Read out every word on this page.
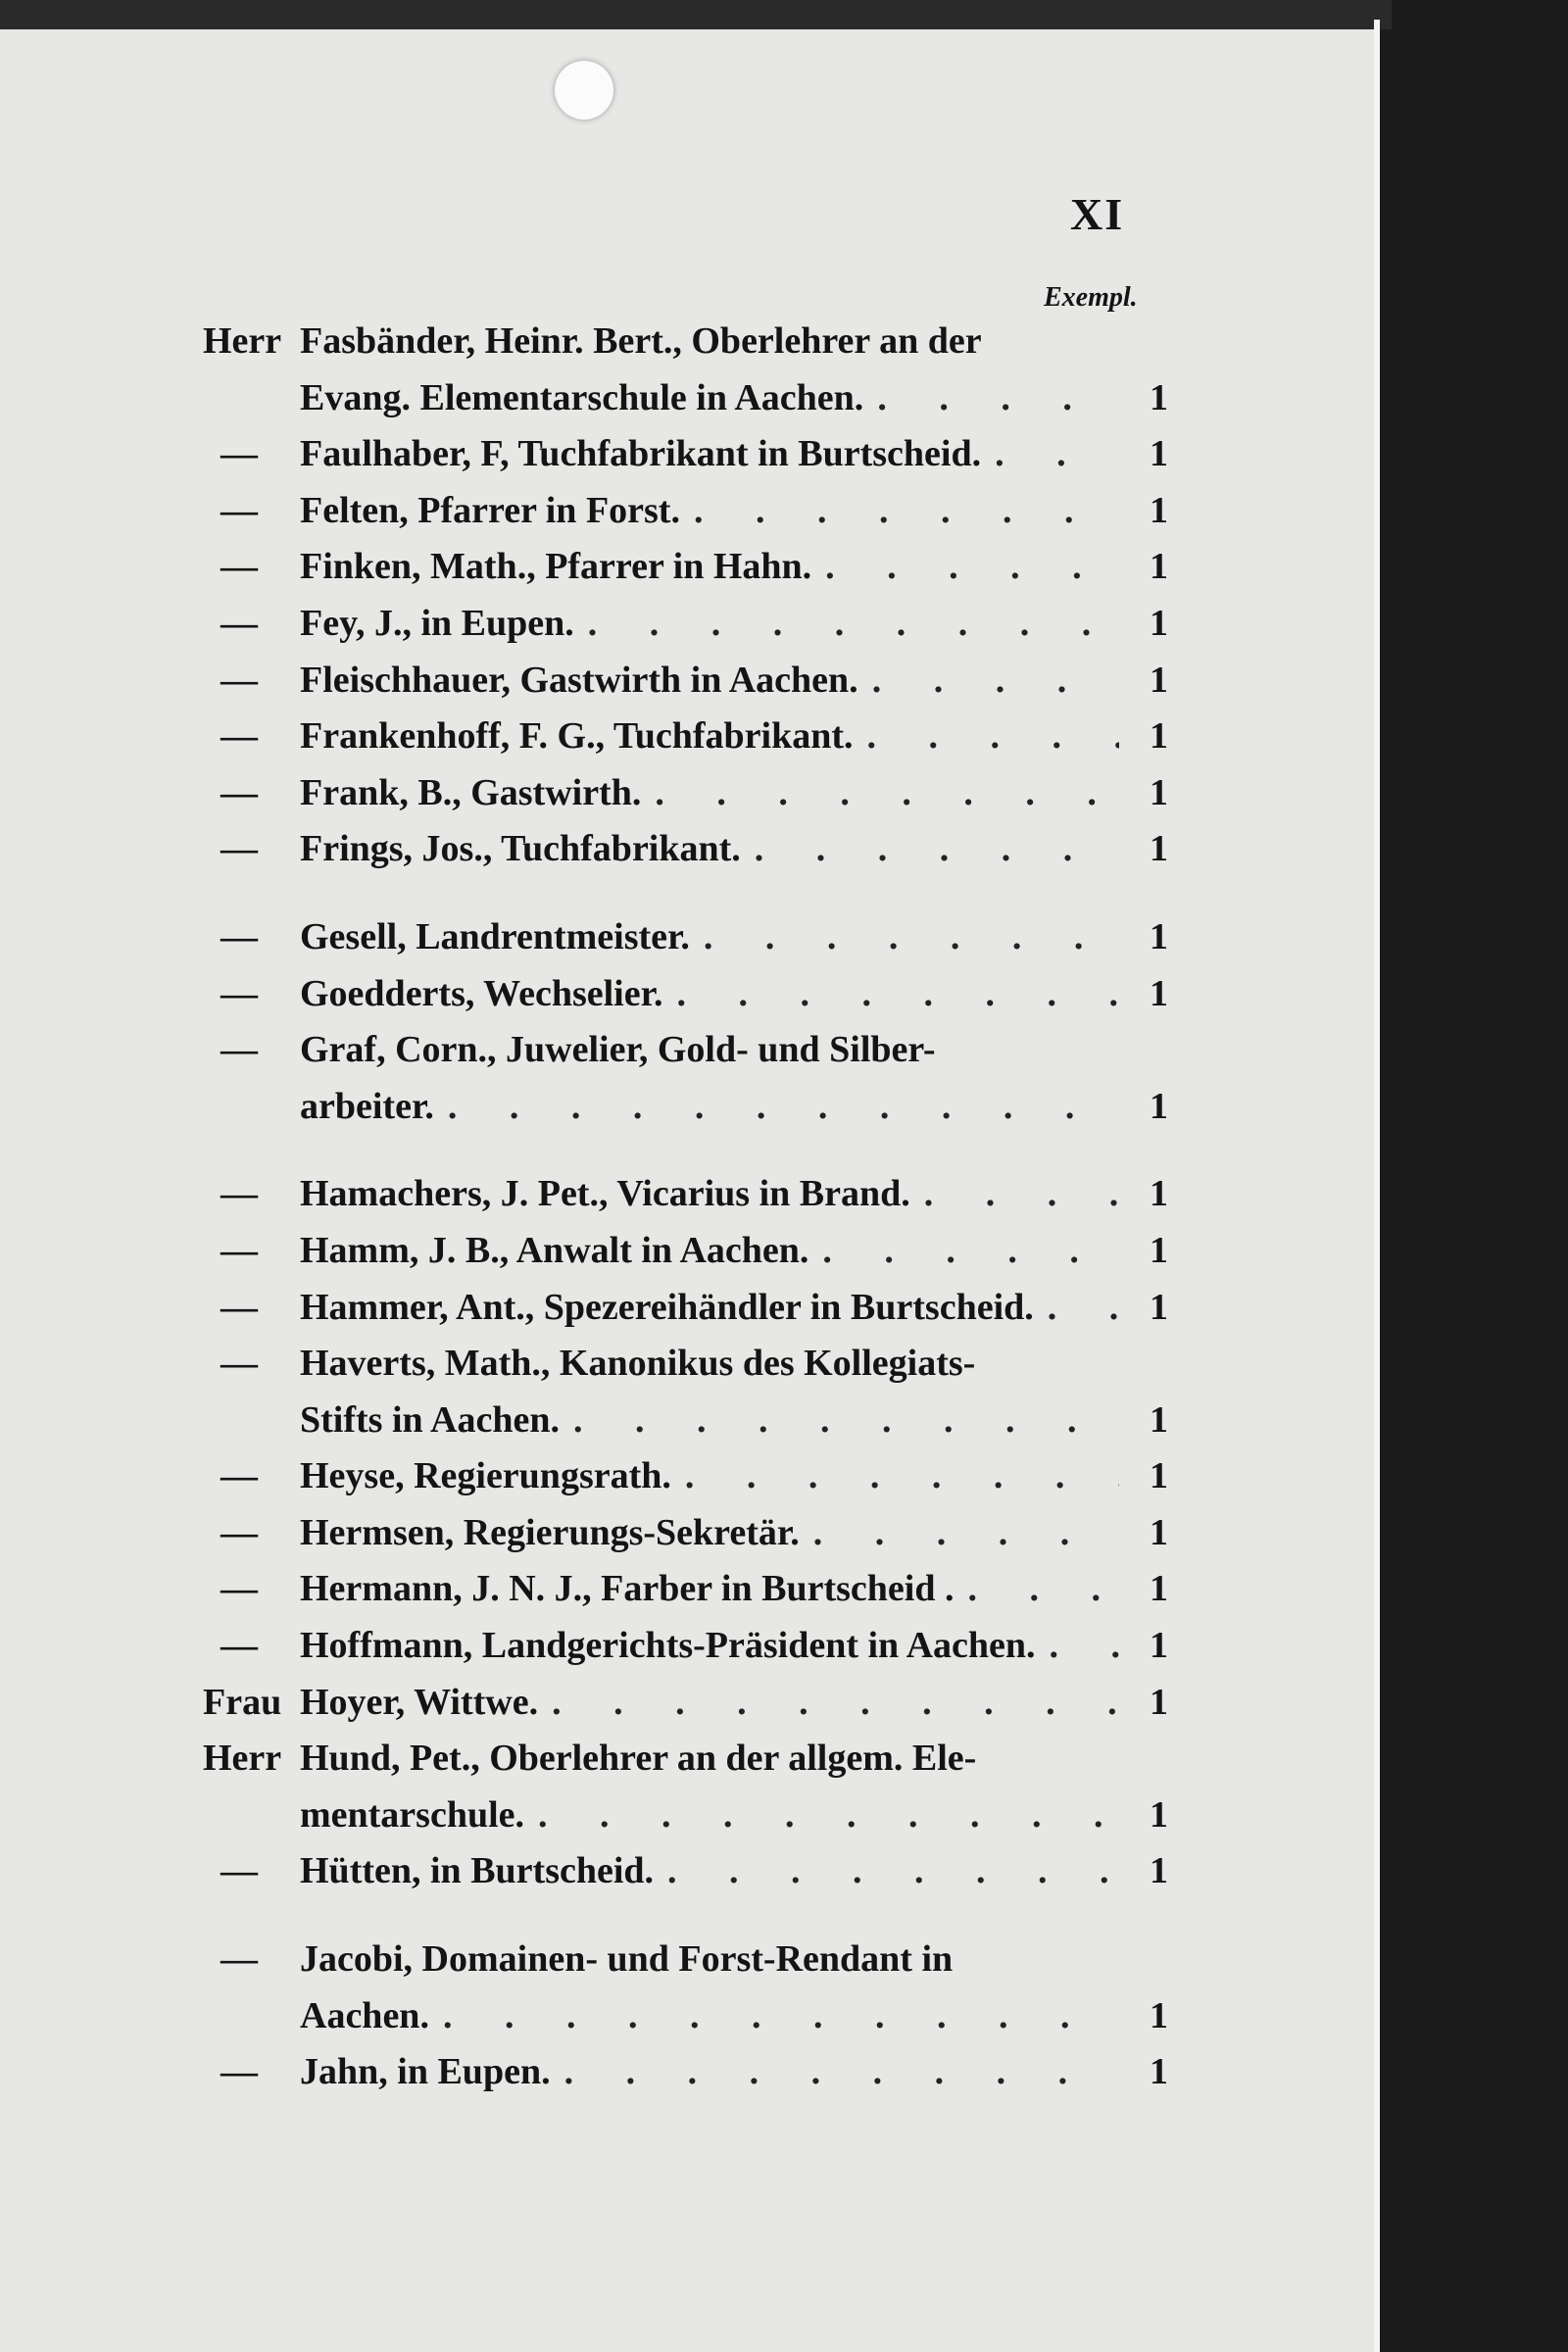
XI
Exempl.
Herr Fasbänder, Heinr. Bert., Oberlehrer an der
Evang. Elementarschule in Aachen. . . .	1
—	Faulhaber, F, Tuchfabrikant in Burtscheid. . . .	1
—	Felten, Pfarrer in Forst. . . .	1
—	Finken, Math., Pfarrer in Hahn. . . .	1
—	Fey, J., in Eupen. . . .	1
—	Fleischhauer, Gastwirth in Aachen. . . .	1
—	Frankenhoff, F. G., Tuchfabrikant. . . .	1
—	Frank, B., Gastwirth. . . .	1
—	Frings, Jos., Tuchfabrikant. . . .	1
—	Gesell, Landrentmeister. . . .	1
—	Goedderts, Wechselier. . . .	1
—	Graf, Corn., Juwelier, Gold- und Silber-
arbeiter. . . .	1
—	Hamachers, J. Pet., Vicarius in Brand. . . .	1
—	Hamm, J. B., Anwalt in Aachen. . . .	1
—	Hammer, Ant., Spezereihändler in Burtscheid. . . .	1
—	Haverts, Math., Kanonikus des Kollegiats-
Stifts in Aachen. . . .	1
—	Heyse, Regierungsrath. . . .	1
—	Hermsen, Regierungs-Sekretär. . . .	1
—	Hermann, J. N. J., Farber in Burtscheid . . . .	1
—	Hoffmann, Landgerichts-Präsident in Aachen. . . .	1
Frau Hoyer, Wittwe. . . .	1
Herr Hund, Pet., Oberlehrer an der allgem. Ele-
mentarschule. . . .	1
—	Hütten, in Burtscheid. . . .	1
—	Jacobi, Domainen- und Forst-Rendant in
Aachen. . . .	1
—	Jahn, in Eupen. . . .	1
